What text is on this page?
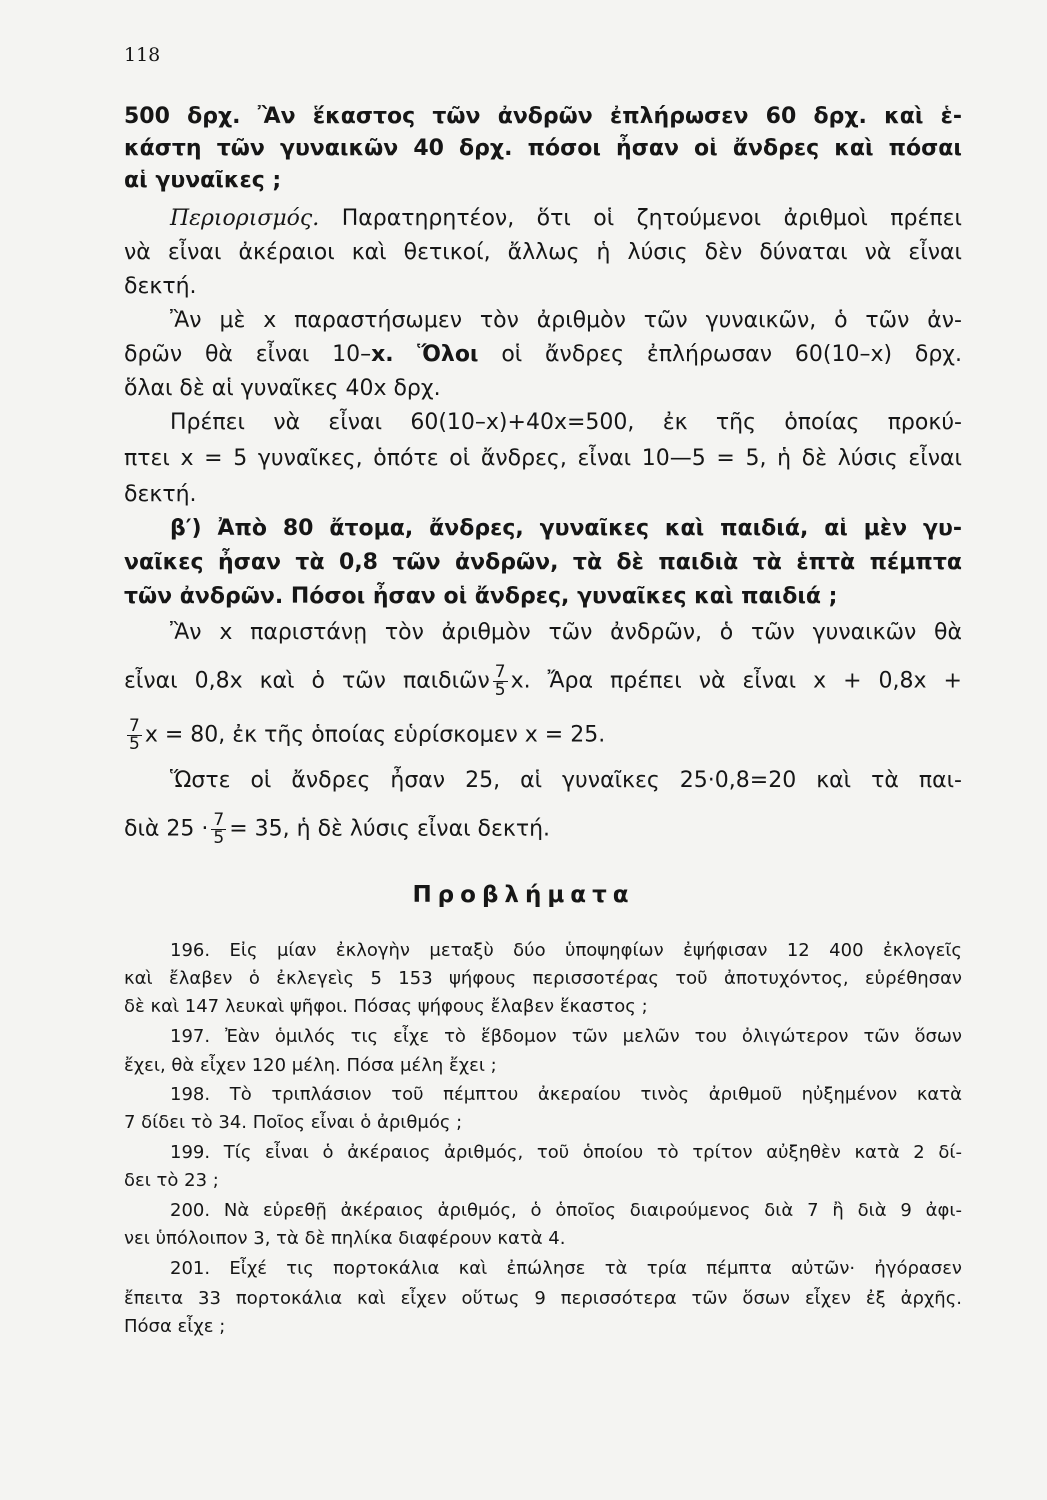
118
500 δρχ. Ἂν ἕκαστος τῶν ἀνδρῶν ἐπλήρωσεν 60 δρχ. καὶ ἑ-
κάστη τῶν γυναικῶν 40 δρχ. πόσοι ἦσαν οἱ ἄνδρες καὶ πόσαι
αἱ γυναῖκες ;
Περιορισμός. Παρατηρητέον, ὅτι οἱ ζητούμενοι ἀριθμοὶ πρέπει
νὰ εἶναι ἀκέραιοι καὶ θετικοί, ἄλλως ἡ λύσις δὲν δύναται νὰ εἶναι
δεκτή.
Ἂν μὲ x παραστήσωμεν τὸν ἀριθμὸν τῶν γυναικῶν, ὁ τῶν ἀν-
δρῶν θὰ εἶναι 10–x. Ὅλοι οἱ ἄνδρες ἐπλήρωσαν 60(10–x) δρχ.
ὅλαι δὲ αἱ γυναῖκες 40x δρχ.
Πρέπει νὰ εἶναι 60(10–x)+40x=500, ἐκ τῆς ὁποίας προκύ-
πτει x = 5 γυναῖκες, ὁπότε οἱ ἄνδρες, εἶναι 10—5 = 5, ἡ δὲ λύσις εἶναι
δεκτή.
β′) Ἀπὸ 80 ἄτομα, ἄνδρες, γυναῖκες καὶ παιδιά, αἱ μὲν γυ-
ναῖκες ἦσαν τὰ 0,8 τῶν ἀνδρῶν, τὰ δὲ παιδιὰ τὰ ἑπτὰ πέμπτα
τῶν ἀνδρῶν. Πόσοι ἦσαν οἱ ἄνδρες, γυναῖκες καὶ παιδιά ;
Ἂν x παριστάνῃ τὸν ἀριθμὸν τῶν ἀνδρῶν, ὁ τῶν γυναικῶν θὰ
εἶναι 0,8x καὶ ὁ τῶν παιδιῶν $\frac{7}{5} x$. Ἄρα πρέπει νὰ εἶναι x + 0,8x +
$\frac{7}{5}$ x = 80, ἐκ τῆς ὁποίας εὑρίσκομεν x = 25.
Ὥστε οἱ ἄνδρες ἦσαν 25, αἱ γυναῖκες 25·0,8=20 καὶ τὰ παι-
διὰ $25 \cdot \frac{7}{5} = 35$, ἡ δὲ λύσις εἶναι δεκτή.
Προβλήματα
196. Εἰς μίαν ἐκλογὴν μεταξὺ δύο ὑποψηφίων ἐψήφισαν 12 400 ἐκλογεῖς
καὶ ἔλαβεν ὁ ἐκλεγεὶς 5 153 ψήφους περισσοτέρας τοῦ ἀποτυχόντος, εὑρέθησαν
δὲ καὶ 147 λευκαὶ ψῆφοι. Πόσας ψήφους ἔλαβεν ἕκαστος ;
197. Ἐὰν ὁμιλός τις εἶχε τὸ ἕβδομον τῶν μελῶν του ὀλιγώτερον τῶν ὅσων
ἔχει, θὰ εἶχεν 120 μέλη. Πόσα μέλη ἔχει ;
198. Τὸ τριπλάσιον τοῦ πέμπτου ἀκεραίου τινὸς ἀριθμοῦ ηὐξημένον κατὰ
7 δίδει τὸ 34. Ποῖος εἶναι ὁ ἀριθμός ;
199. Τίς εἶναι ὁ ἀκέραιος ἀριθμός, τοῦ ὁποίου τὸ τρίτον αὐξηθὲν κατὰ 2 δί-
δει τὸ 23 ;
200. Νὰ εὑρεθῇ ἀκέραιος ἀριθμός, ὁ ὁποῖος διαιρούμενος διὰ 7 ἢ διὰ 9 ἀφι-
νει ὑπόλοιπον 3, τὰ δὲ πηλίκα διαφέρουν κατὰ 4.
201. Εἶχέ τις πορτοκάλια καὶ ἐπώλησε τὰ τρία πέμπτα αὐτῶν· ἠγόρασεν
ἔπειτα 33 πορτοκάλια καὶ εἶχεν οὕτως 9 περισσότερα τῶν ὅσων εἶχεν ἐξ ἀρχῆς.
Πόσα εἶχε ;
